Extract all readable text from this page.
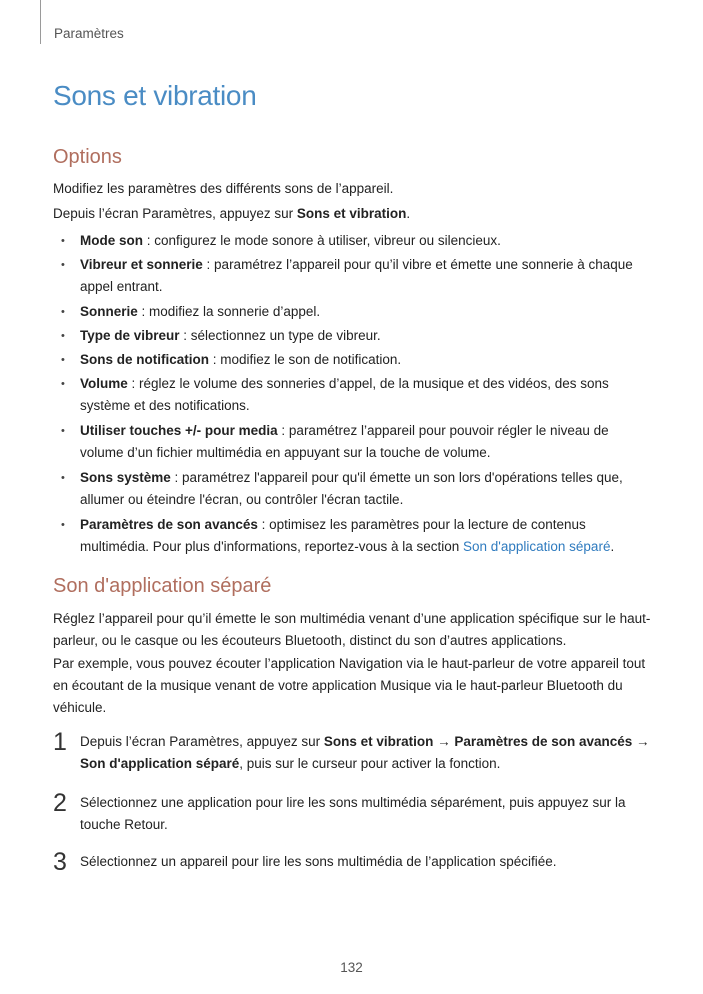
Paramètres
Sons et vibration
Options

Modifiez les paramètres des différents sons de l’appareil.

Depuis l’écran Paramètres, appuyez sur Sons et vibration.

• Mode son : configurez le mode sonore à utiliser, vibreur ou silencieux.
• Vibreur et sonnerie : paramétrez l’appareil pour qu’il vibre et émette une sonnerie à chaque appel entrant.
• Sonnerie : modifiez la sonnerie d’appel.
• Type de vibreur : sélectionnez un type de vibreur.
• Sons de notification : modifiez le son de notification.
• Volume : réglez le volume des sonneries d’appel, de la musique et des vidéos, des sons système et des notifications.
• Utiliser touches +/- pour media : paramétrez l’appareil pour pouvoir régler le niveau de volume d’un fichier multimédia en appuyant sur la touche de volume.
• Sons système : paramétrez l'appareil pour qu'il émette un son lors d'opérations telles que, allumer ou éteindre l'écran, ou contrôler l'écran tactile.
• Paramètres de son avancés : optimisez les paramètres pour la lecture de contenus multimédia. Pour plus d'informations, reportez-vous à la section Son d'application séparé.
Son d'application séparé

Réglez l’appareil pour qu’il émette le son multimédia venant d’une application spécifique sur le haut-parleur, ou le casque ou les écouteurs Bluetooth, distinct du son d’autres applications.

Par exemple, vous pouvez écouter l’application Navigation via le haut-parleur de votre appareil tout en écoutant de la musique venant de votre application Musique via le haut-parleur Bluetooth du véhicule.

1 Depuis l’écran Paramètres, appuyez sur Sons et vibration → Paramètres de son avancés →
Son d'application séparé, puis sur le curseur pour activer la fonction.
2 Sélectionnez une application pour lire les sons multimédia séparément, puis appuyez sur la touche Retour.
3 Sélectionnez un appareil pour lire les sons multimédia de l’application spécifiée.
132
